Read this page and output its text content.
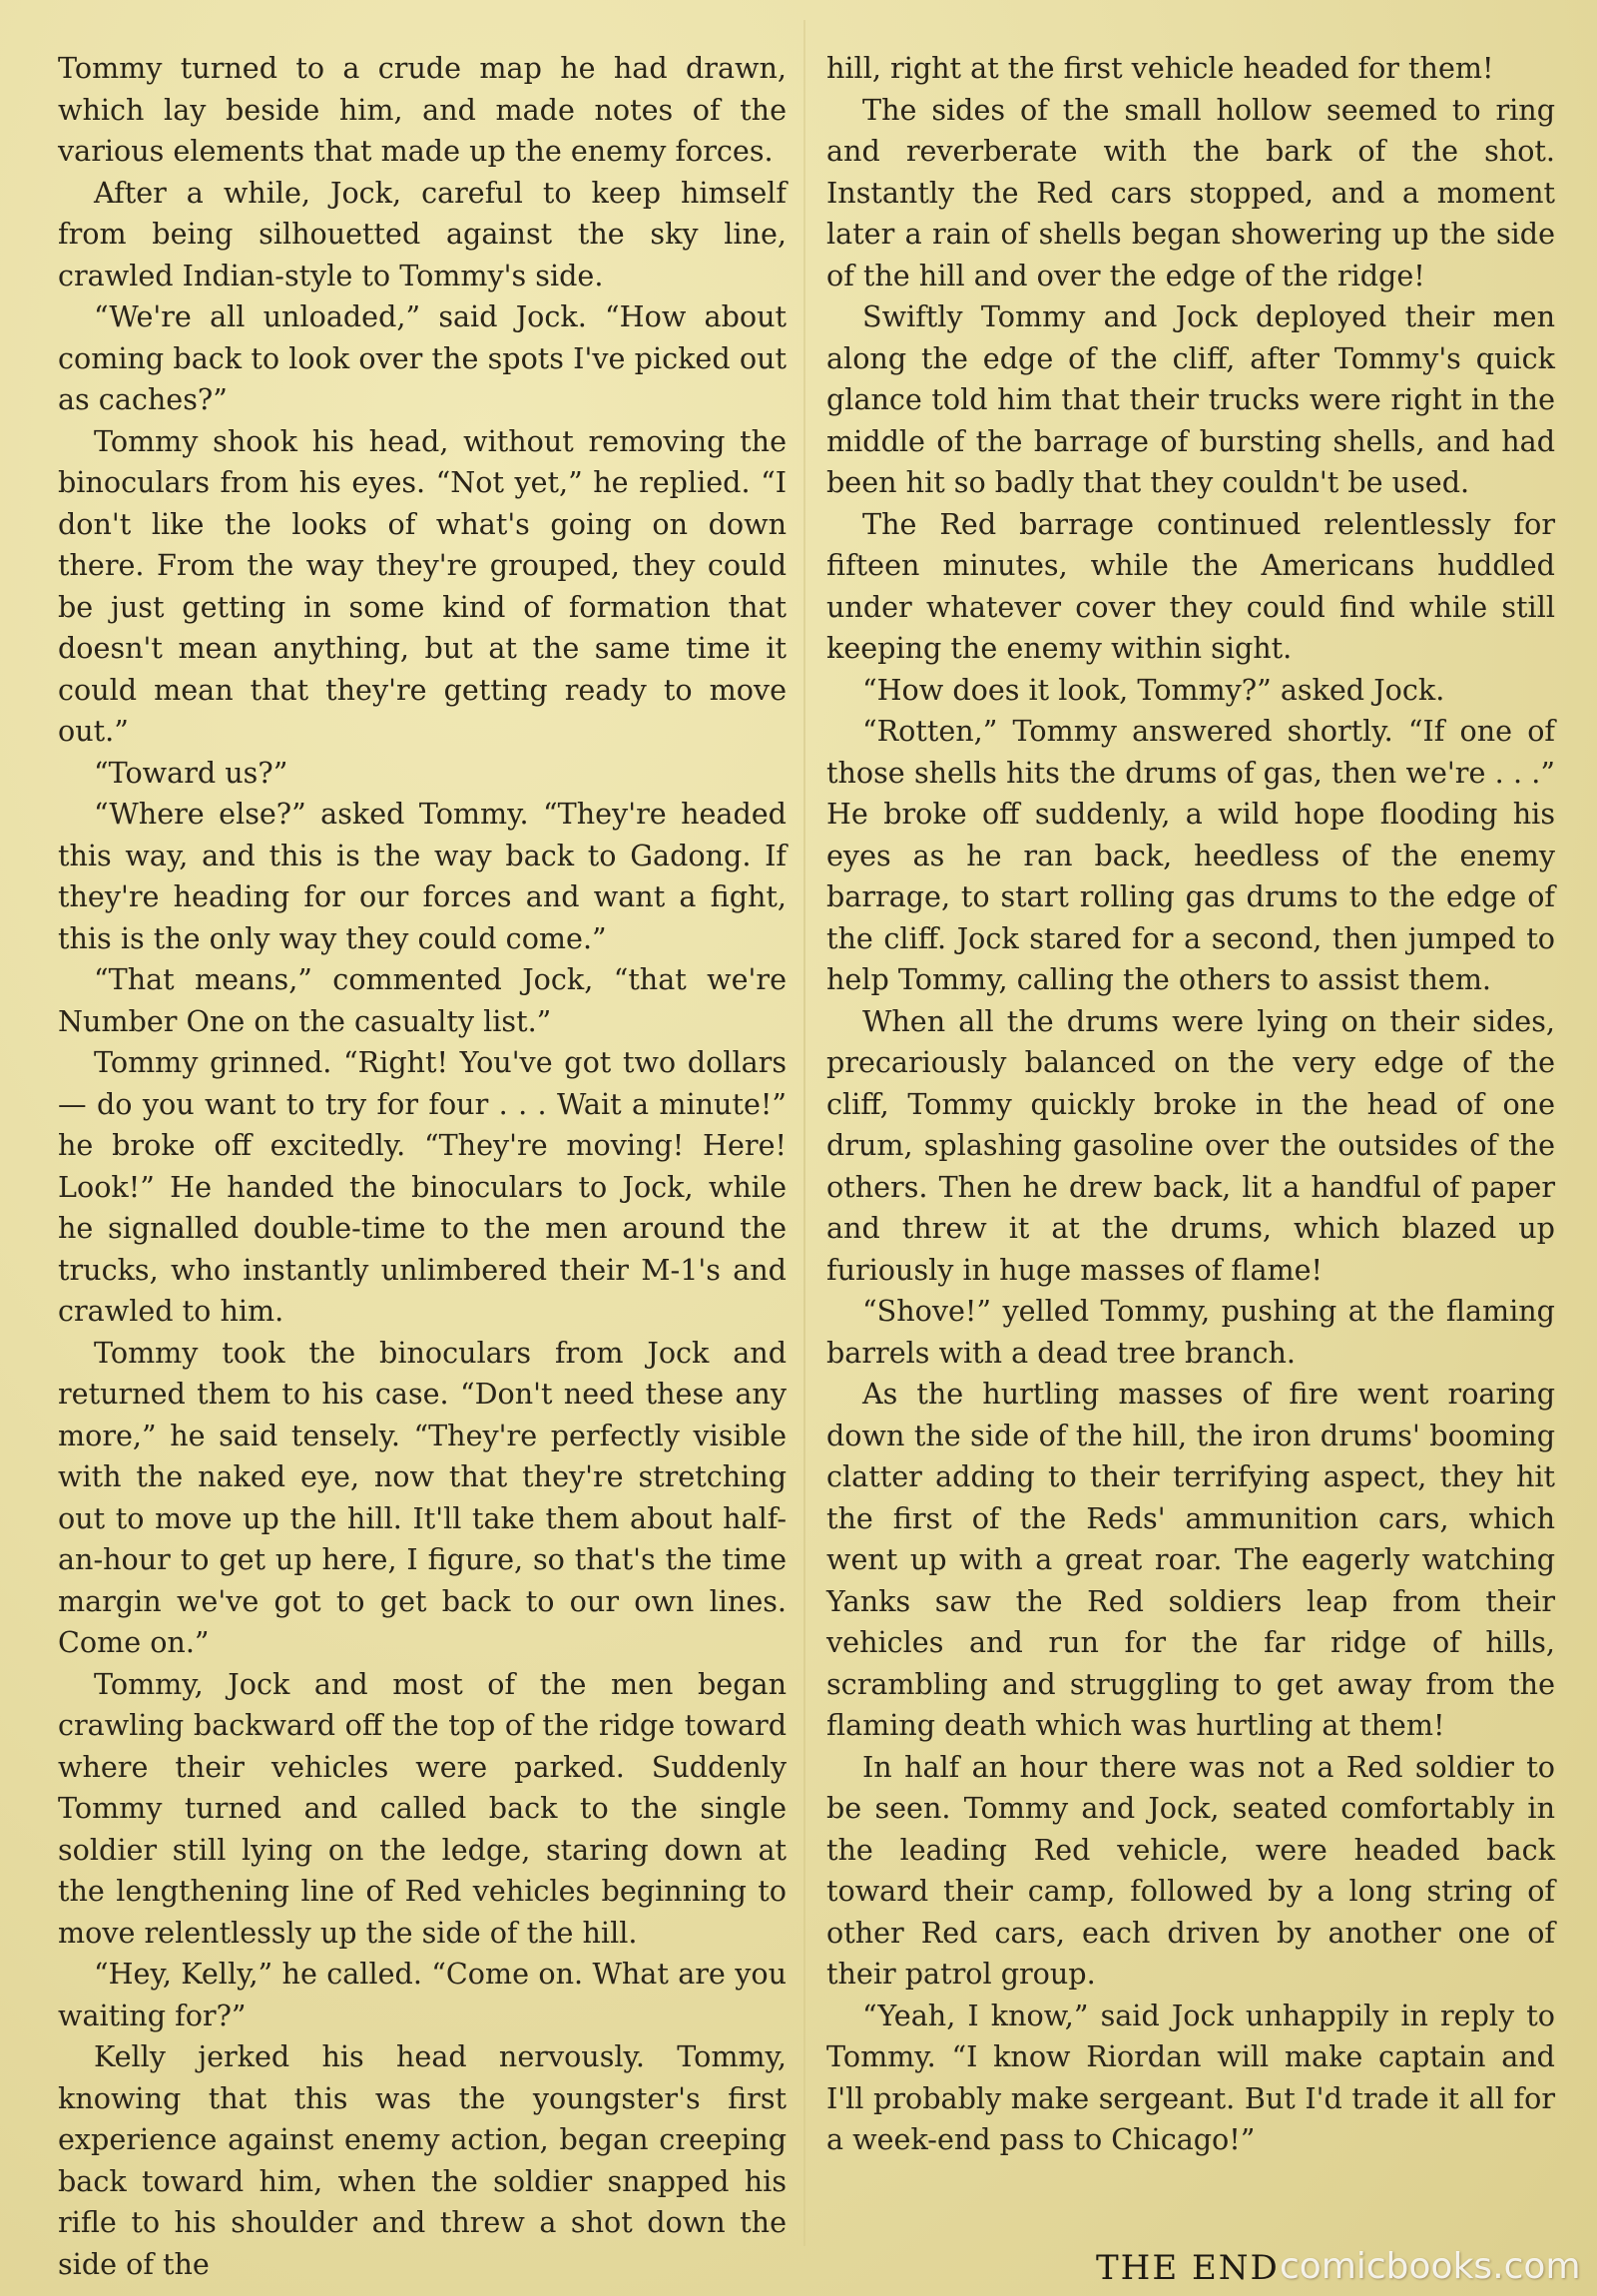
Tommy turned to a crude map he had drawn, which lay beside him, and made notes of the various elements that made up the enemy forces.

After a while, Jock, careful to keep himself from being silhouetted against the sky line, crawled Indian-style to Tommy's side.

“We're all unloaded,” said Jock. “How about coming back to look over the spots I've picked out as caches?”

Tommy shook his head, without removing the binoculars from his eyes. “Not yet,” he replied. “I don't like the looks of what's going on down there. From the way they're grouped, they could be just getting in some kind of formation that doesn't mean anything, but at the same time it could mean that they're getting ready to move out.”

“Toward us?”

“Where else?” asked Tommy. “They're headed this way, and this is the way back to Gadong. If they're heading for our forces and want a fight, this is the only way they could come.”

“That means,” commented Jock, “that we're Number One on the casualty list.”

Tommy grinned. “Right! You've got two dollars — do you want to try for four . . . Wait a minute!” he broke off excitedly. “They're moving! Here! Look!” He handed the binoculars to Jock, while he signalled double-time to the men around the trucks, who instantly unlimbered their M-1's and crawled to him.

Tommy took the binoculars from Jock and returned them to his case. “Don't need these any more,” he said tensely. “They're perfectly visible with the naked eye, now that they're stretching out to move up the hill. It'll take them about half-an-hour to get up here, I figure, so that's the time margin we've got to get back to our own lines. Come on.”

Tommy, Jock and most of the men began crawling backward off the top of the ridge toward where their vehicles were parked. Suddenly Tommy turned and called back to the single soldier still lying on the ledge, staring down at the lengthening line of Red vehicles beginning to move relentlessly up the side of the hill.

“Hey, Kelly,” he called. “Come on. What are you waiting for?”

Kelly jerked his head nervously. Tommy, knowing that this was the youngster's first experience against enemy action, began creeping back toward him, when the soldier snapped his rifle to his shoulder and threw a shot down the side of the

hill, right at the first vehicle headed for them!

The sides of the small hollow seemed to ring and reverberate with the bark of the shot. Instantly the Red cars stopped, and a moment later a rain of shells began showering up the side of the hill and over the edge of the ridge!

Swiftly Tommy and Jock deployed their men along the edge of the cliff, after Tommy's quick glance told him that their trucks were right in the middle of the barrage of bursting shells, and had been hit so badly that they couldn't be used.

The Red barrage continued relentlessly for fifteen minutes, while the Americans huddled under whatever cover they could find while still keeping the enemy within sight.

“How does it look, Tommy?” asked Jock.

“Rotten,” Tommy answered shortly. “If one of those shells hits the drums of gas, then we're . . .” He broke off suddenly, a wild hope flooding his eyes as he ran back, heedless of the enemy barrage, to start rolling gas drums to the edge of the cliff. Jock stared for a second, then jumped to help Tommy, calling the others to assist them.

When all the drums were lying on their sides, precariously balanced on the very edge of the cliff, Tommy quickly broke in the head of one drum, splashing gasoline over the outsides of the others. Then he drew back, lit a handful of paper and threw it at the drums, which blazed up furiously in huge masses of flame!

“Shove!” yelled Tommy, pushing at the flaming barrels with a dead tree branch.

As the hurtling masses of fire went roaring down the side of the hill, the iron drums' booming clatter adding to their terrifying aspect, they hit the first of the Reds' ammunition cars, which went up with a great roar. The eagerly watching Yanks saw the Red soldiers leap from their vehicles and run for the far ridge of hills, scrambling and struggling to get away from the flaming death which was hurtling at them!

In half an hour there was not a Red soldier to be seen. Tommy and Jock, seated comfortably in the leading Red vehicle, were headed back toward their camp, followed by a long string of other Red cars, each driven by another one of their patrol group.

“Yeah, I know,” said Jock unhappily in reply to Tommy. “I know Riordan will make captain and I'll probably make sergeant. But I'd trade it all for a week-end pass to Chicago!”

THE END comicbooks.com
